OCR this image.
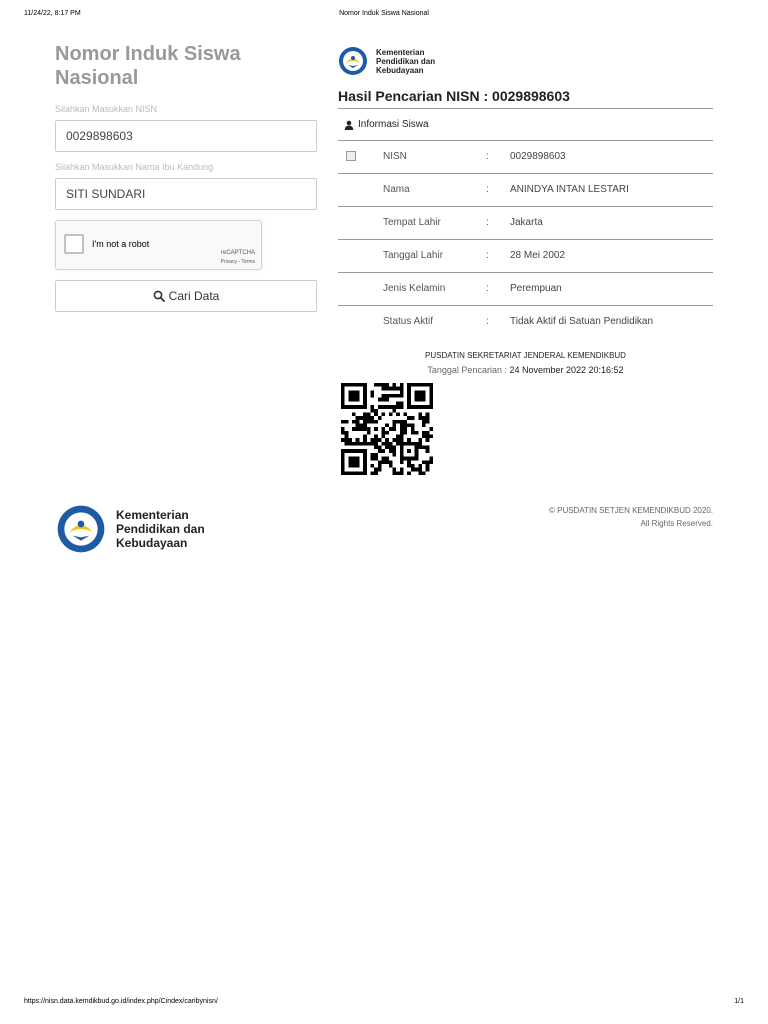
11/24/22, 8:17 PM	Nomor Induk Siswa Nasional
Nomor Induk Siswa Nasional
Silahkan Masukkan NISN
0029898603
Silahkan Masukkan Nama Ibu Kandung
SITI SUNDARI
I'm not a robot
reCAPTCHA
Privacy - Terms
Cari Data
Kementerian
Pendidikan dan
Kebudayaan
Hasil Pencarian NISN : 0029898603
Informasi Siswa
NISN	: 0029898603
Nama	: ANINDYA INTAN LESTARI
Tempat Lahir	: Jakarta
Tanggal Lahir	: 28 Mei 2002
Jenis Kelamin	: Perempuan
Status Aktif	: Tidak Aktif di Satuan Pendidikan
PUSDATIN SEKRETARIAT JENDERAL KEMENDIKBUD
Tanggal Pencarian : 24 November 2022 20:16:52
Kementerian
Pendidikan dan
Kebudayaan
© PUSDATIN SETJEN KEMENDIKBUD 2020.
All Rights Reserved.
https://nisn.data.kemdikbud.go.id/index.php/Cindex/caribynisn/	1/1
